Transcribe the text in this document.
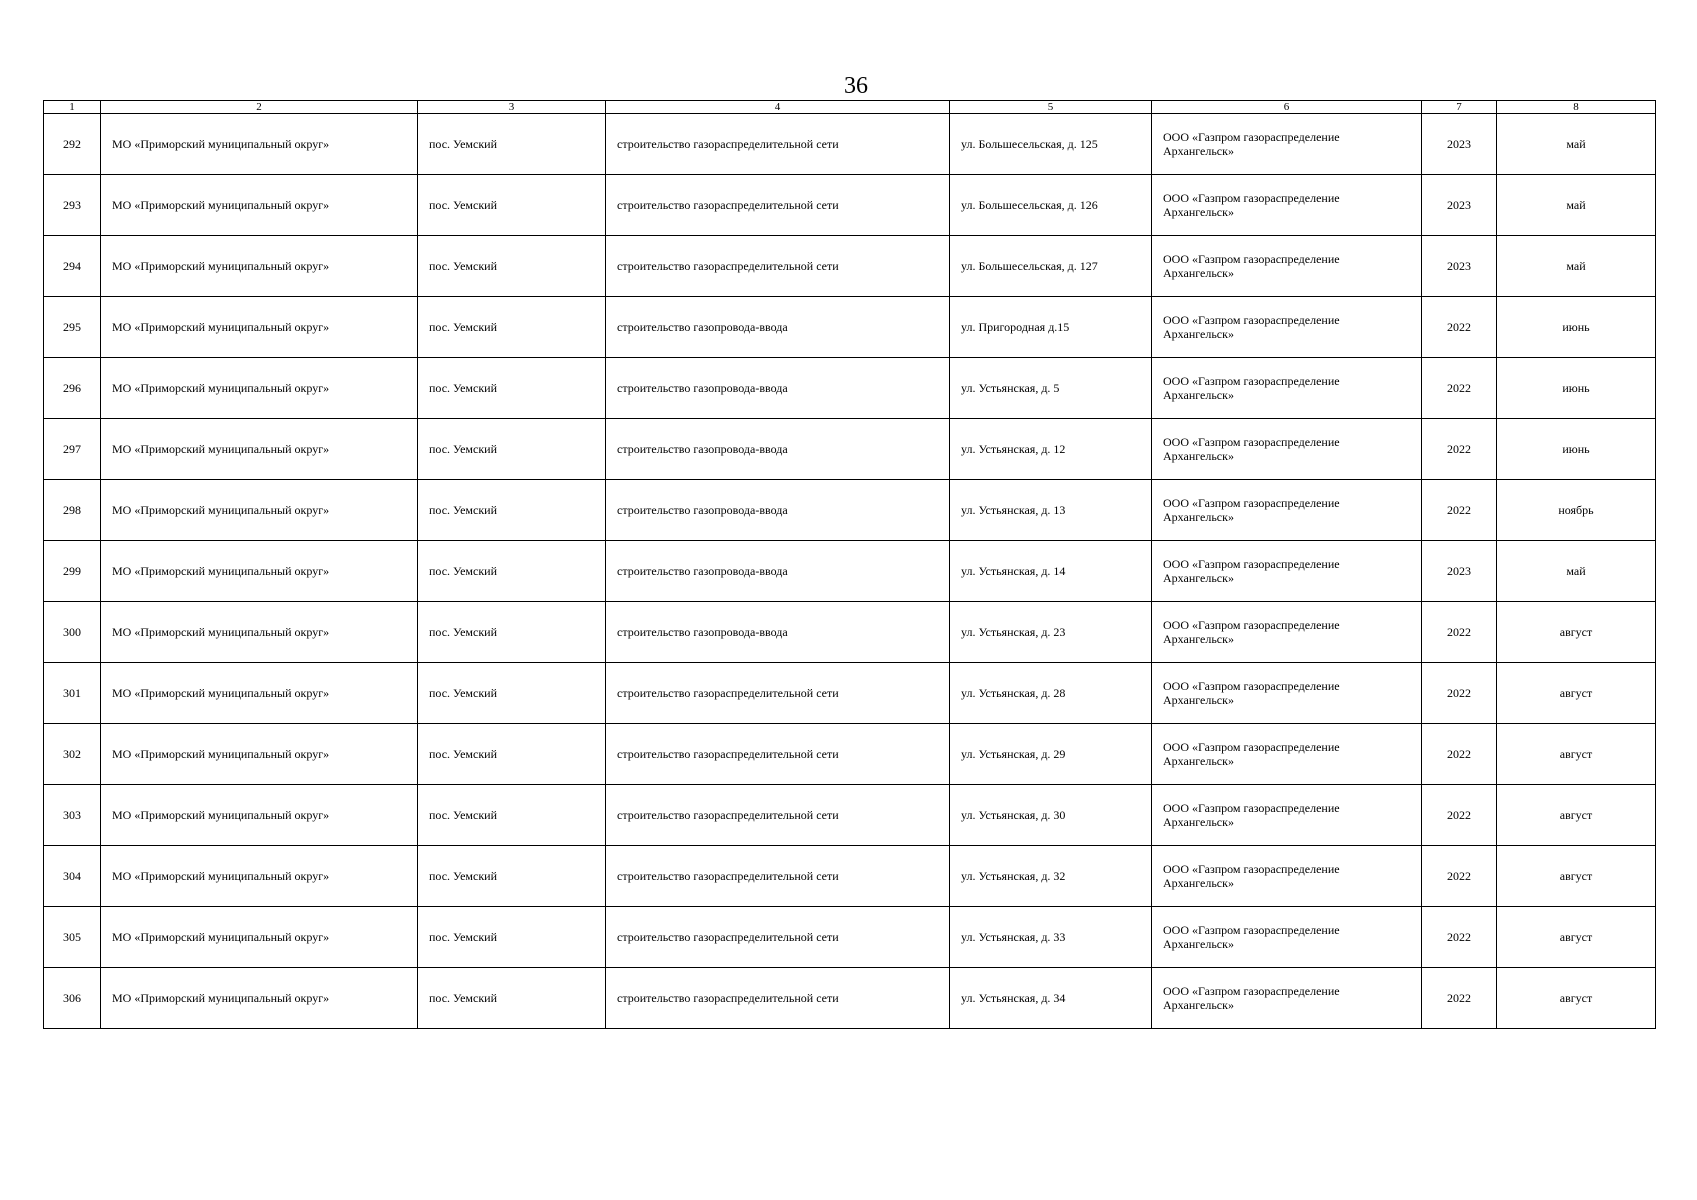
36
1	2	3	4	5	6	7	8
292	МО «Приморский муниципальный округ»	пос. Уемский	строительство газораспределительной сети	ул. Большесельская, д. 125	ООО «Газпром газораспределение
Архангельск»	2023	май
293	МО «Приморский муниципальный округ»	пос. Уемский	строительство газораспределительной сети	ул. Большесельская, д. 126	ООО «Газпром газораспределение
Архангельск»	2023	май
294	МО «Приморский муниципальный округ»	пос. Уемский	строительство газораспределительной сети	ул. Большесельская, д. 127	ООО «Газпром газораспределение
Архангельск»	2023	май
295	МО «Приморский муниципальный округ»	пос. Уемский	строительство газопровода-ввода	ул. Пригородная д.15	ООО «Газпром газораспределение
Архангельск»	2022	июнь
296	МО «Приморский муниципальный округ»	пос. Уемский	строительство газопровода-ввода	ул. Устьянская, д. 5	ООО «Газпром газораспределение
Архангельск»	2022	июнь
297	МО «Приморский муниципальный округ»	пос. Уемский	строительство газопровода-ввода	ул. Устьянская, д. 12	ООО «Газпром газораспределение
Архангельск»	2022	июнь
298	МО «Приморский муниципальный округ»	пос. Уемский	строительство газопровода-ввода	ул. Устьянская, д. 13	ООО «Газпром газораспределение
Архангельск»	2022	ноябрь
299	МО «Приморский муниципальный округ»	пос. Уемский	строительство газопровода-ввода	ул. Устьянская, д. 14	ООО «Газпром газораспределение
Архангельск»	2023	май
300	МО «Приморский муниципальный округ»	пос. Уемский	строительство газопровода-ввода	ул. Устьянская, д. 23	ООО «Газпром газораспределение
Архангельск»	2022	август
301	МО «Приморский муниципальный округ»	пос. Уемский	строительство газораспределительной сети	ул. Устьянская, д. 28	ООО «Газпром газораспределение
Архангельск»	2022	август
302	МО «Приморский муниципальный округ»	пос. Уемский	строительство газораспределительной сети	ул. Устьянская, д. 29	ООО «Газпром газораспределение
Архангельск»	2022	август
303	МО «Приморский муниципальный округ»	пос. Уемский	строительство газораспределительной сети	ул. Устьянская, д. 30	ООО «Газпром газораспределение
Архангельск»	2022	август
304	МО «Приморский муниципальный округ»	пос. Уемский	строительство газораспределительной сети	ул. Устьянская, д. 32	ООО «Газпром газораспределение
Архангельск»	2022	август
305	МО «Приморский муниципальный округ»	пос. Уемский	строительство газораспределительной сети	ул. Устьянская, д. 33	ООО «Газпром газораспределение
Архангельск»	2022	август
306	МО «Приморский муниципальный округ»	пос. Уемский	строительство газораспределительной сети	ул. Устьянская, д. 34	ООО «Газпром газораспределение
Архангельск»	2022	август
